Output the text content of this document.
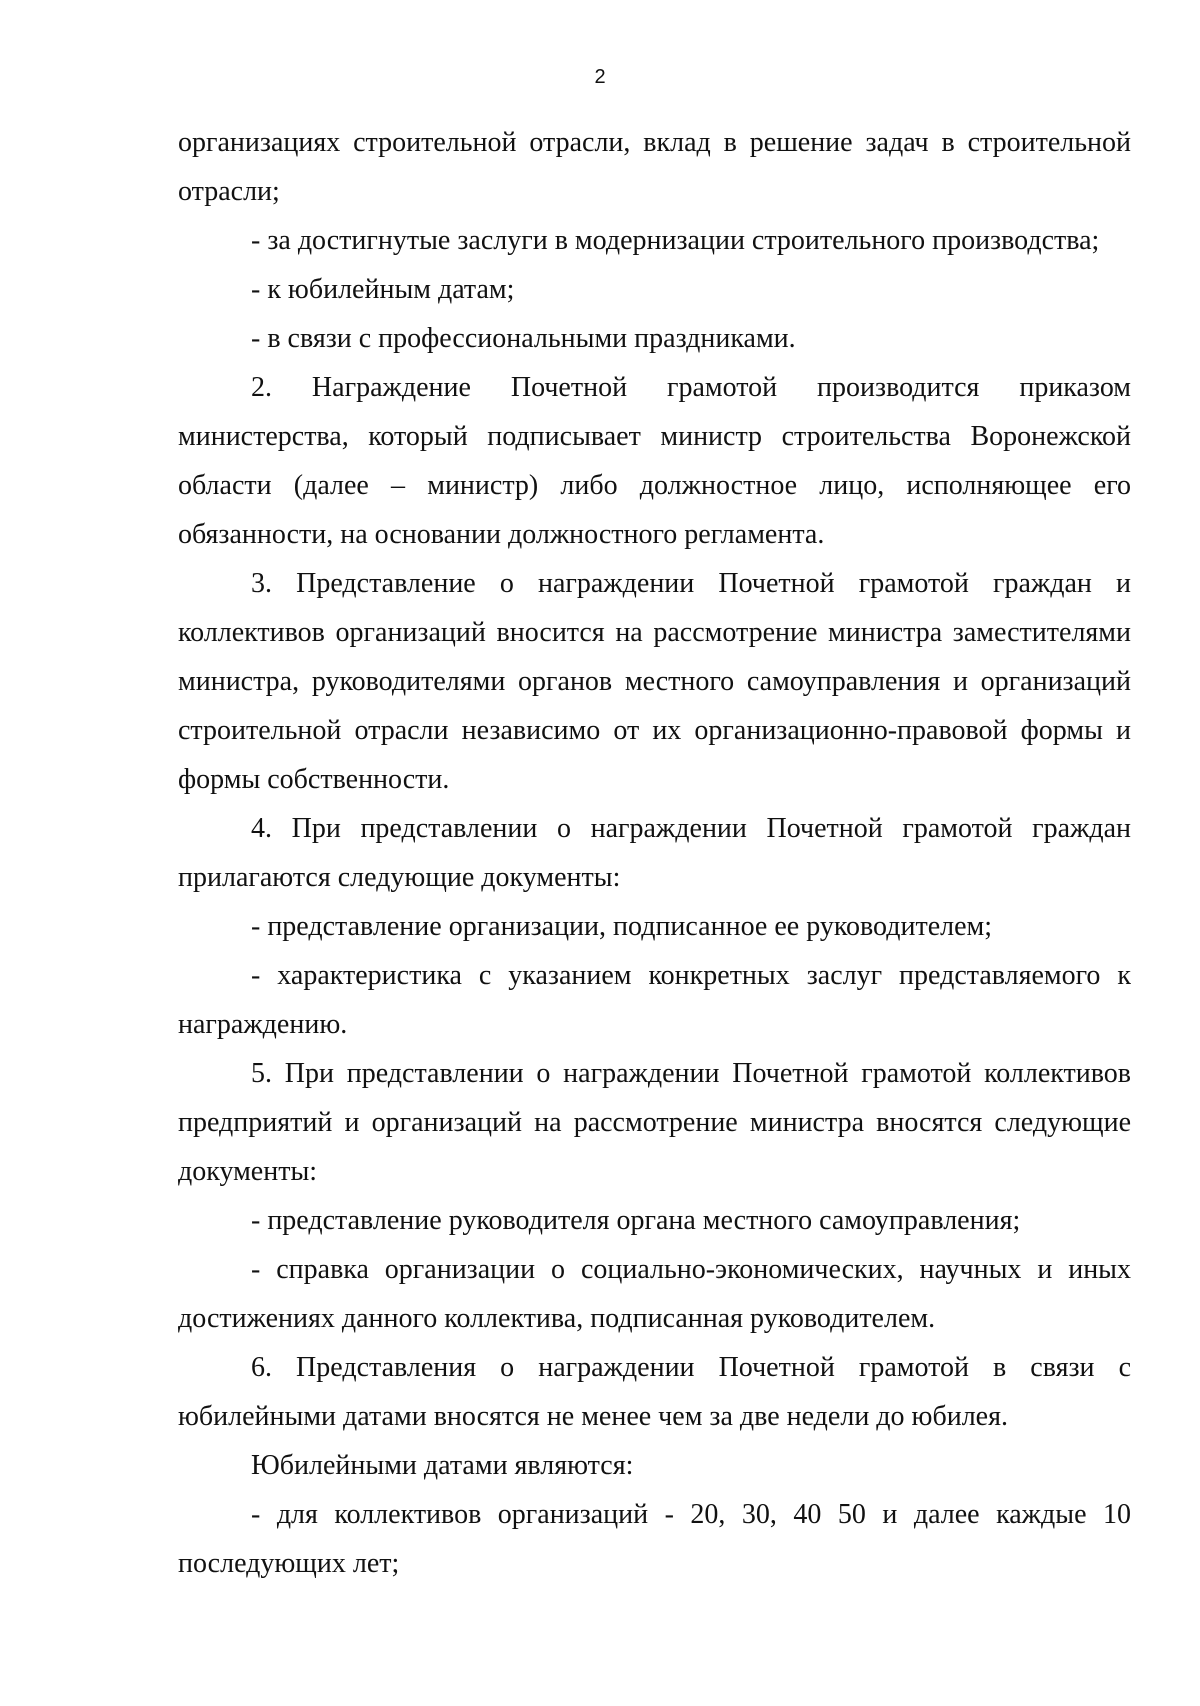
2

организациях строительной отрасли, вклад в решение задач в строительной
отрасли;

- за достигнутые заслуги в модернизации строительного производства;

- к юбилейным датам;

- в связи с профессиональными праздниками.

2. Награждение Почетной грамотой производится приказом
министерства, который подписывает министр строительства Воронежской
области (далее – министр) либо должностное лицо, исполняющее его
обязанности, на основании должностного регламента.

3. Представление о награждении Почетной грамотой граждан и
коллективов организаций вносится на рассмотрение министра заместителями
министра, руководителями органов местного самоуправления и организаций
строительной отрасли независимо от их организационно-правовой формы и
формы собственности.

4. При представлении о награждении Почетной грамотой граждан
прилагаются следующие документы:

- представление организации, подписанное ее руководителем;

- характеристика с указанием конкретных заслуг представляемого к
награждению.

5. При представлении о награждении Почетной грамотой коллективов
предприятий и организаций на рассмотрение министра вносятся следующие
документы:

- представление руководителя органа местного самоуправления;

- справка организации о социально-экономических, научных и иных
достижениях данного коллектива, подписанная руководителем.

6. Представления о награждении Почетной грамотой в связи с
юбилейными датами вносятся не менее чем за две недели до юбилея.

Юбилейными датами являются:

- для коллективов организаций - 20, 30, 40 50 и далее каждые 10
последующих лет;
